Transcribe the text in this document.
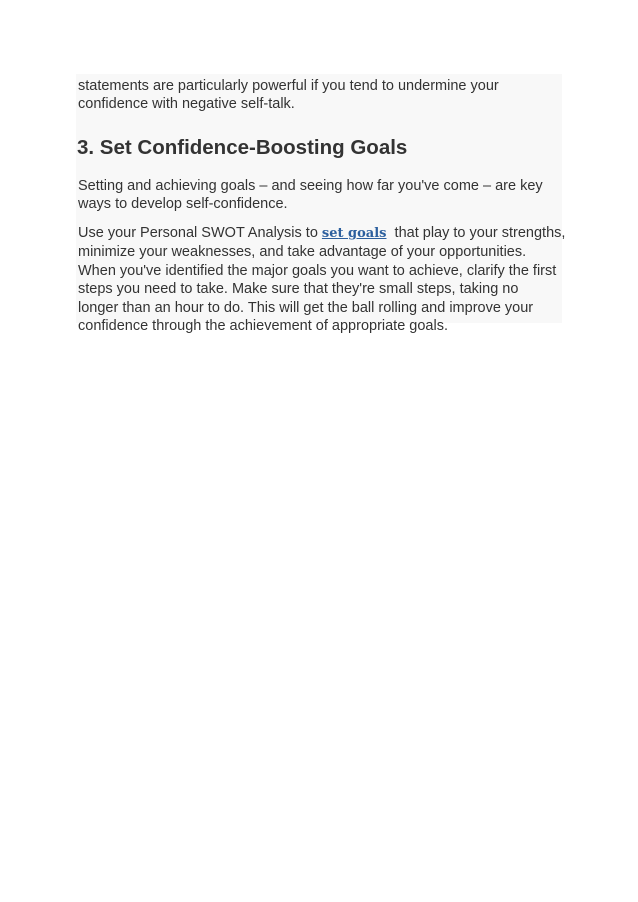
statements are particularly powerful if you tend to undermine your
confidence with negative self-talk.

3. Set Confidence-Boosting Goals

Setting and achieving goals – and seeing how far you've come – are key
ways to develop self-confidence.

Use your Personal SWOT Analysis to set goals  that play to your strengths,
minimize your weaknesses, and take advantage of your opportunities.
When you've identified the major goals you want to achieve, clarify the first
steps you need to take. Make sure that they're small steps, taking no
longer than an hour to do. This will get the ball rolling and improve your
confidence through the achievement of appropriate goals.
